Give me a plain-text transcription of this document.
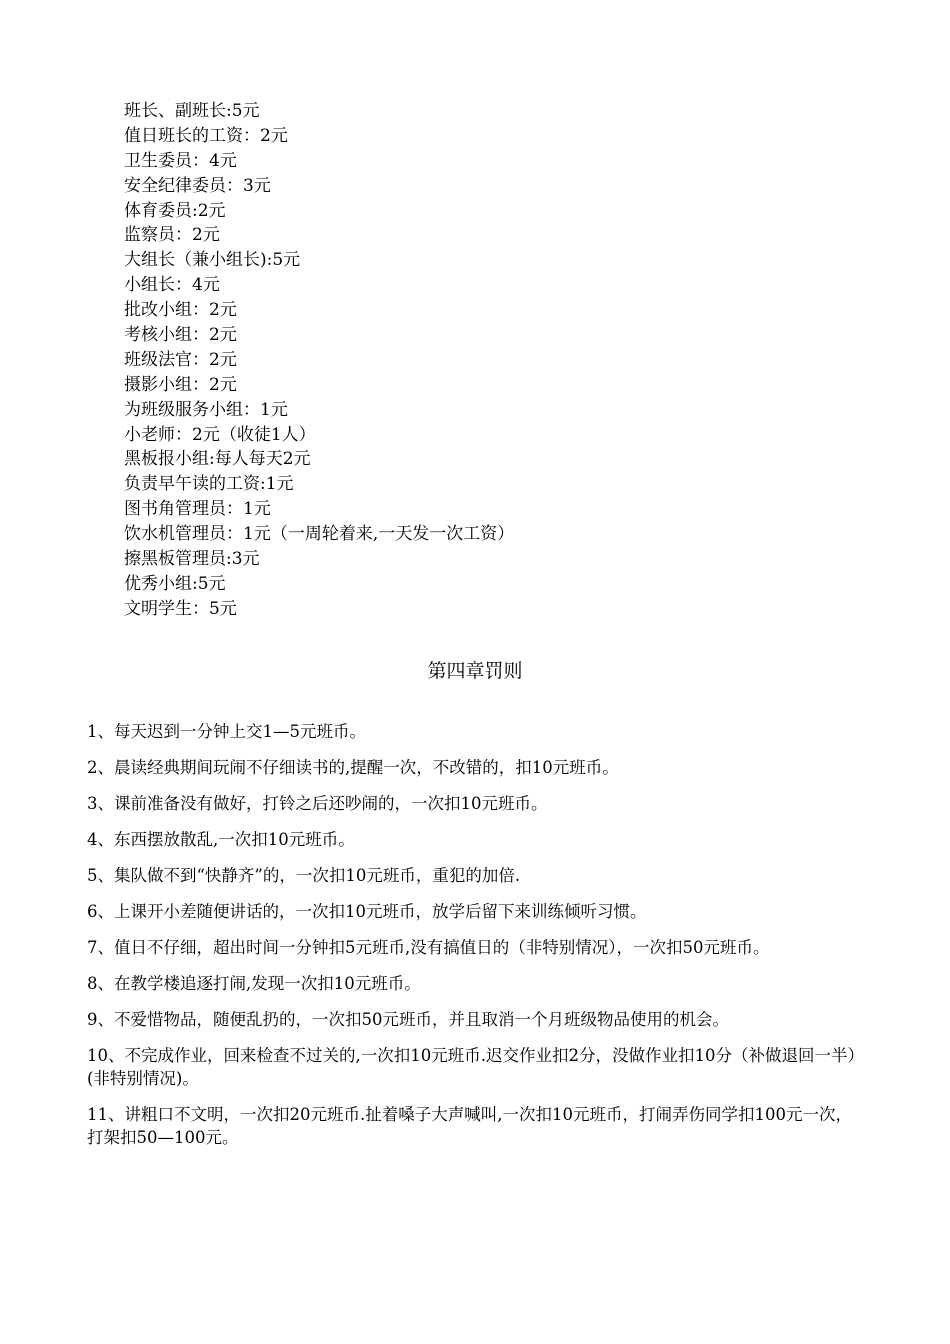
班长、副班长:5元
值日班长的工资：2元
卫生委员：4元
安全纪律委员：3元
体育委员:2元
监察员：2元
大组长（兼小组长):5元
小组长：4元
批改小组：2元
考核小组：2元
班级法官：2元
摄影小组：2元
为班级服务小组：1元
小老师：2元（收徒1人）
黑板报小组:每人每天2元
负责早午读的工资:1元
图书角管理员：1元
饮水机管理员：1元（一周轮着来,一天发一次工资）
擦黑板管理员:3元
优秀小组:5元
文明学生：5元
第四章罚则

1、每天迟到一分钟上交1—5元班币。

2、晨读经典期间玩闹不仔细读书的,提醒一次，不改错的，扣10元班币。

3、课前准备没有做好，打铃之后还吵闹的，一次扣10元班币。

4、东西摆放散乱,一次扣10元班币。

5、集队做不到“快静齐”的，一次扣10元班币，重犯的加倍.

6、上课开小差随便讲话的，一次扣10元班币，放学后留下来训练倾听习惯。

7、值日不仔细，超出时间一分钟扣5元班币,没有搞值日的（非特别情况），一次扣50元班币。

8、在教学楼追逐打闹,发现一次扣10元班币。

9、不爱惜物品，随便乱扔的，一次扣50元班币，并且取消一个月班级物品使用的机会。

10、不完成作业，回来检查不过关的,一次扣10元班币.迟交作业扣2分，没做作业扣10分（补做退回一半）(非特别情况)。

11、讲粗口不文明，一次扣20元班币.扯着嗓子大声喊叫,一次扣10元班币，打闹弄伤同学扣100元一次，打架扣50—100元。
